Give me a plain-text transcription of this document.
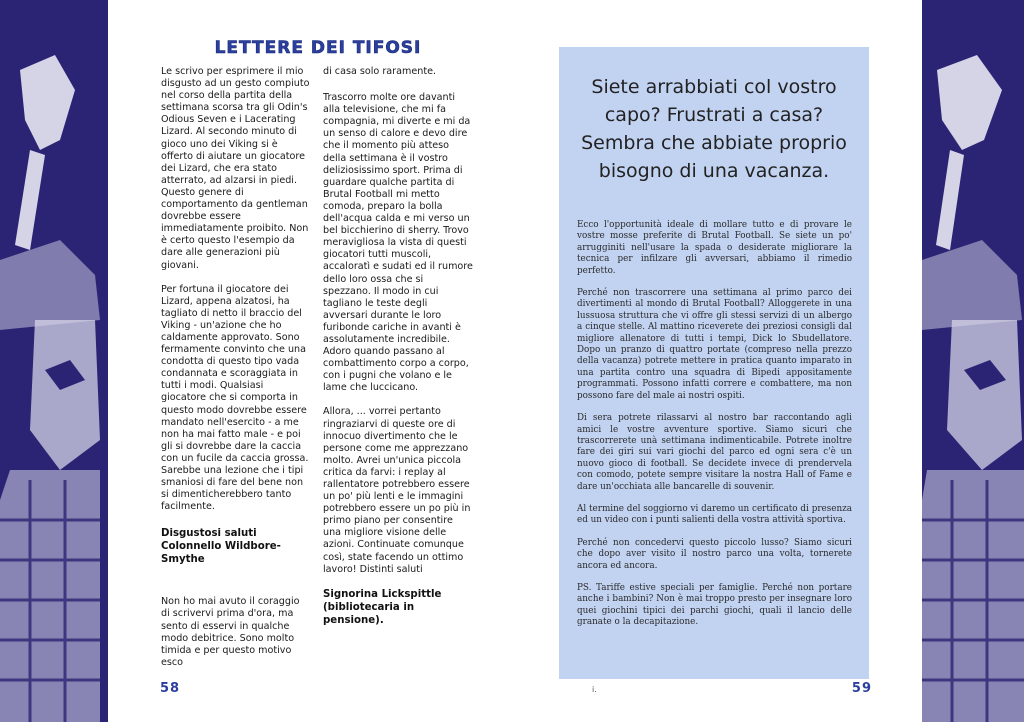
LETTERE DEI TIFOSI

Le scrivo per esprimere il mio disgusto ad un gesto compiuto nel corso della partita della settimana scorsa tra gli Odin's Odious Seven e i Lacerating Lizard. Al secondo minuto di gioco uno dei Viking si è offerto di aiutare un giocatore dei Lizard, che era stato atterrato, ad alzarsi in piedi. Questo genere di comportamento da gentleman dovrebbe essere immediatamente proibito. Non è certo questo l'esempio da dare alle generazioni più giovani.

Per fortuna il giocatore dei Lizard, appena alzatosi, ha tagliato di netto il braccio del Viking - un'azione che ho caldamente approvato. Sono fermamente convinto che una condotta di questo tipo vada condannata e scoraggiata in tutti i modi. Qualsiasi giocatore che si comporta in questo modo dovrebbe essere mandato nell'esercito - a me non ha mai fatto male - e poi gli si dovrebbe dare la caccia con un fucile da caccia grossa. Sarebbe una lezione che i tipi smaniosi di fare del bene non si dimenticherebbero tanto facilmente.

Disgustosi saluti Colonnello Wildbore-Smythe

Non ho mai avuto il coraggio di scrivervi prima d'ora, ma sento di esservi in qualche modo debitrice. Sono molto timida e per questo motivo esco

di casa solo raramente.

Trascorro molte ore davanti alla televisione, che mi fa compagnia, mi diverte e mi da un senso di calore e devo dire che il momento più atteso della settimana è il vostro deliziosissimo sport. Prima di guardare qualche partita di Brutal Football mi metto comoda, preparo la bolla dell'acqua calda e mi verso un bel bicchierino di sherry. Trovo meravigliosa la vista di questi giocatori tutti muscoli, accaloratì e sudati ed il rumore dello loro ossa che si spezzano. Il modo in cui tagliano le teste degli avversari durante le loro furibonde cariche in avanti è assolutamente incredibile. Adoro quando passano al combattimento corpo a corpo, con i pugni che volano e le lame che luccicano.

Allora, ... vorrei pertanto ringraziarvi di queste ore di innocuo divertimento che le persone come me apprezzano molto. Avrei un'unica piccola critica da farvi: i replay al rallentatore potrebbero essere un po' più lenti e le immagini potrebbero essere un po più in primo piano per consentire una migliore visione delle azioni. Continuate comunque così, state facendo un ottimo lavoro! Distinti saluti

Signorina Lickspittle (bibliotecaria in pensione).

58
Siete arrabbiati col vostro capo? Frustrati a casa? Sembra che abbiate proprio bisogno di una vacanza.

Ecco l'opportunità ideale di mollare tutto e di provare le vostre mosse preferite di Brutal Football. Se siete un po' arrugginiti nell'usare la spada o desiderate migliorare la tecnica per infilzare gli avversari, abbiamo il rimedio perfetto.

Perché non trascorrere una settimana al primo parco dei divertimenti al mondo di Brutal Football? Alloggerete in una lussuosa struttura che vi offre gli stessi servizi di un albergo a cinque stelle. Al mattino riceverete dei preziosi consigli dal migliore allenatore di tutti i tempi, Dick lo Sbudellatore. Dopo un pranzo di quattro portate (compreso nella prezzo della vacanza) potrete mettere in pratica quanto imparato in una partita contro una squadra di Bipedi appositamente programmati. Possono infatti correre e combattere, ma non possono fare del male ai nostri ospiti.

Di sera potrete rilassarvi al nostro bar raccontando agli amici le vostre avventure sportive. Siamo sicuri che trascorrerete unà settimana indimenticabile. Potrete inoltre fare dei giri sui vari giochi del parco ed ogni sera c'è un nuovo gioco di football. Se decidete invece di prendervela con comodo, potete sempre visitare la nostra Hall of Fame e dare un'occhiata alle bancarelle di souvenir.

Al termine del soggiorno vi daremo un certificato di presenza ed un video con i punti salienti della vostra attività sportiva.

Perché non concedervi questo piccolo lusso? Siamo sicuri che dopo aver visito il nostro parco una volta, tornerete ancora ed ancora.

PS. Tariffe estive speciali per famiglie. Perché non portare anche i bambini? Non è mai troppo presto per insegnare loro quei giochini tipici dei parchi giochi, quali il lancio delle granate o la decapitazione.

i.	59
